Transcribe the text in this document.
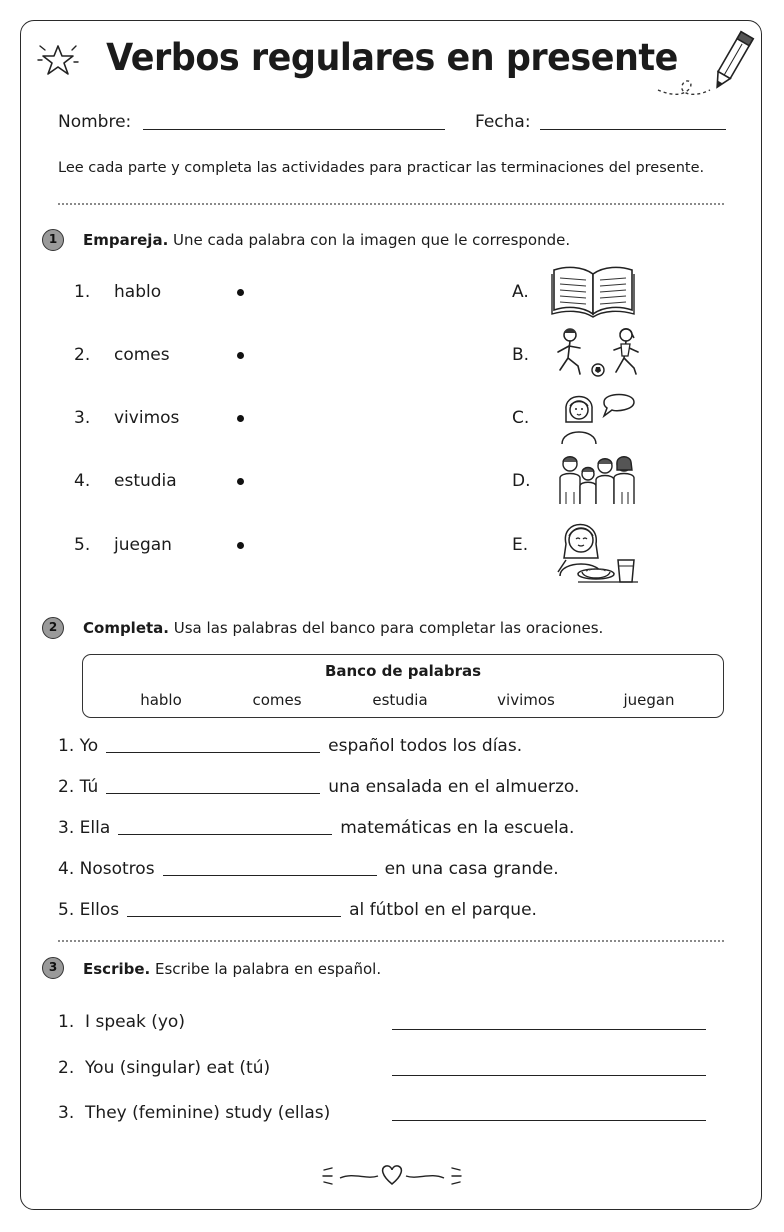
Verbos regulares en presente
Nombre:	Fecha:
Lee cada parte y completa las actividades para practicar las terminaciones del presente.
1	Empareja. Une cada palabra con la imagen que le corresponde.
1. hablo	A.
2. comes	B.
3. vivimos	C.
4. estudia	D.
5. juegan	E.
2	Completa. Usa las palabras del banco para completar las oraciones.
Banco de palabras
hablo	comes	estudia	vivimos	juegan
1.
Yo	español todos los días.
2.
Tú	una ensalada en el almuerzo.
3.
Ella	matemáticas en la escuela.
4.
Nosotros	en una casa grande.
5.
Ellos	al fútbol en el parque.
3	Escribe. Escribe la palabra en español.
1. I speak (yo)
2. You (singular) eat (tú)
3. They (feminine) study (ellas)
